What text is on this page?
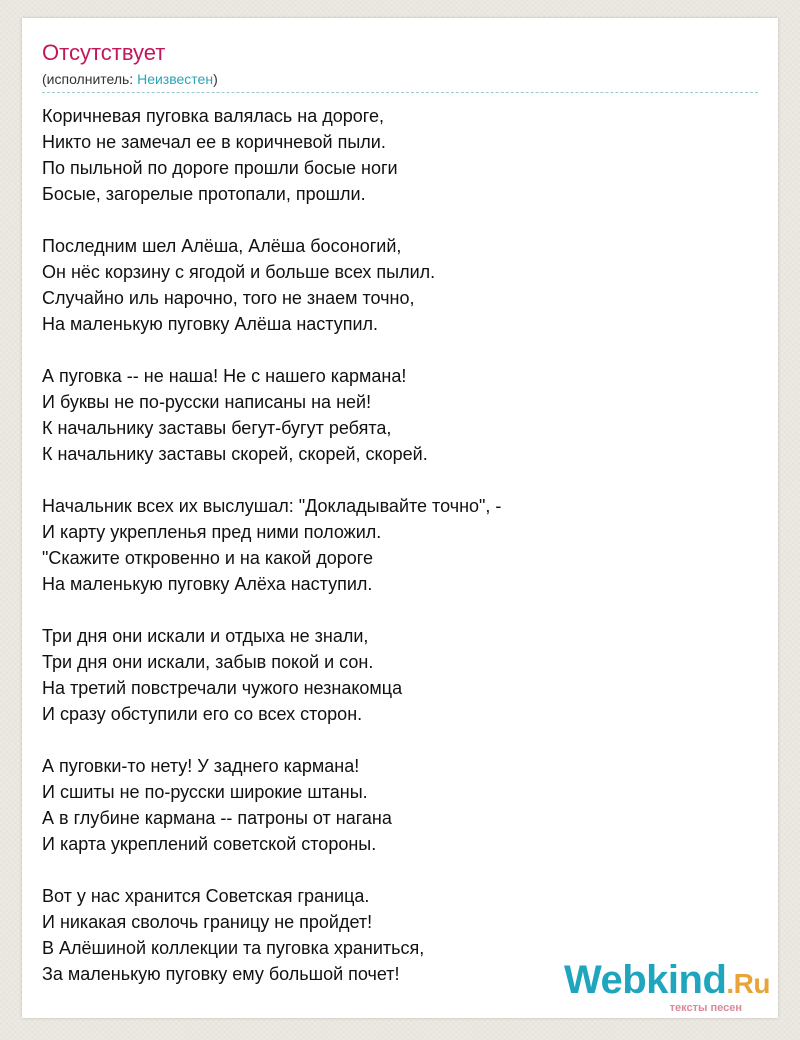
Отсутствует
(исполнитель: Неизвестен)
Коричневая пуговка валялась на дороге,
Никто не замечал ее в коричневой пыли.
По пыльной по дороге прошли босые ноги
Босые, загорелые протопали, прошли.
Последним шел Алёша, Алёша босоногий,
Он нёс корзину с ягодой и больше всех пылил.
Случайно иль нарочно, того не знаем точно,
На маленькую пуговку Алёша наступил.
А пуговка -- не наша! Не с нашего кармана!
И буквы не по-русски написаны на ней!
К начальнику заставы бегут-бугут ребята,
К начальнику заставы скорей, скорей, скорей.
Начальник всех их выслушал: "Докладывайте точно", -
И карту укрепленья пред ними положил.
"Скажите откровенно и на какой дороге
На маленькую пуговку Алёха наступил.
Три дня они искали и отдыха не знали,
Три дня они искали, забыв покой и сон.
На третий повстречали чужого незнакомца
И сразу обступили его со всех сторон.
А пуговки-то нету! У заднего кармана!
И сшиты не по-русски широкие штаны.
А в глубине кармана -- патроны от нагана
И карта укреплений советской стороны.
Вот у нас хранится Советская граница.
И никакая сволочь границу не пройдет!
В Алёшиной коллекции та пуговка храниться,
За маленькую пуговку ему большой почет!	Webkind.Ru
тексты песен
